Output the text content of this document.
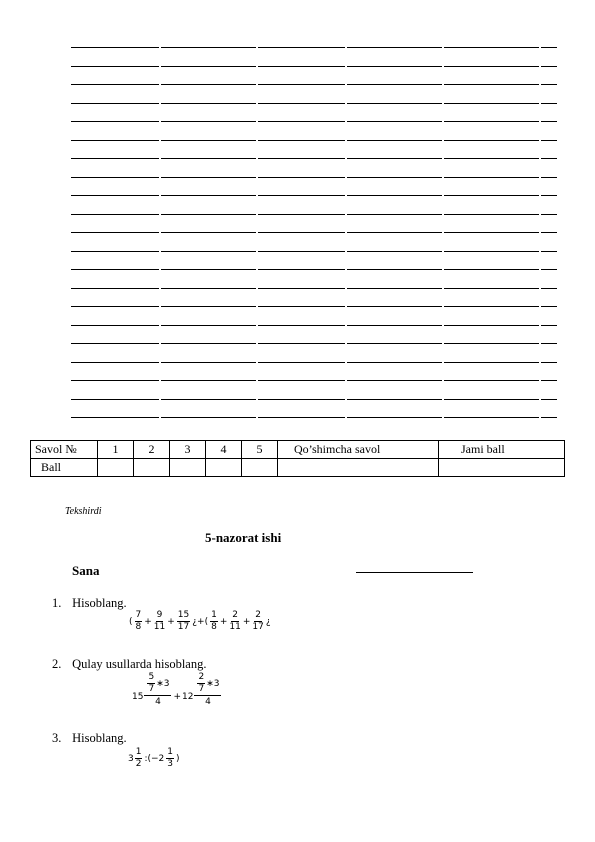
Savol №	1	2	3	4	5	Qo’shimcha savol	Jami ball
Ball							
Tekshirdi
5-nazorat ishi
Sana
1. Hisoblang.
( $\frac{7}{8} + \frac{9}{11} + \frac{15}{17}$ ¿+( $\frac{1}{8} + \frac{2}{11} + \frac{2}{17}$ ¿
2. Qulay usullarda hisoblang.
15
$\frac{5}{7}$ ∗3
4 + 12
$\frac{2}{7}$ ∗3
4
3. Hisoblang.
$3 \frac{1}{2}$ :(−2 $\frac{1}{3}$ )
